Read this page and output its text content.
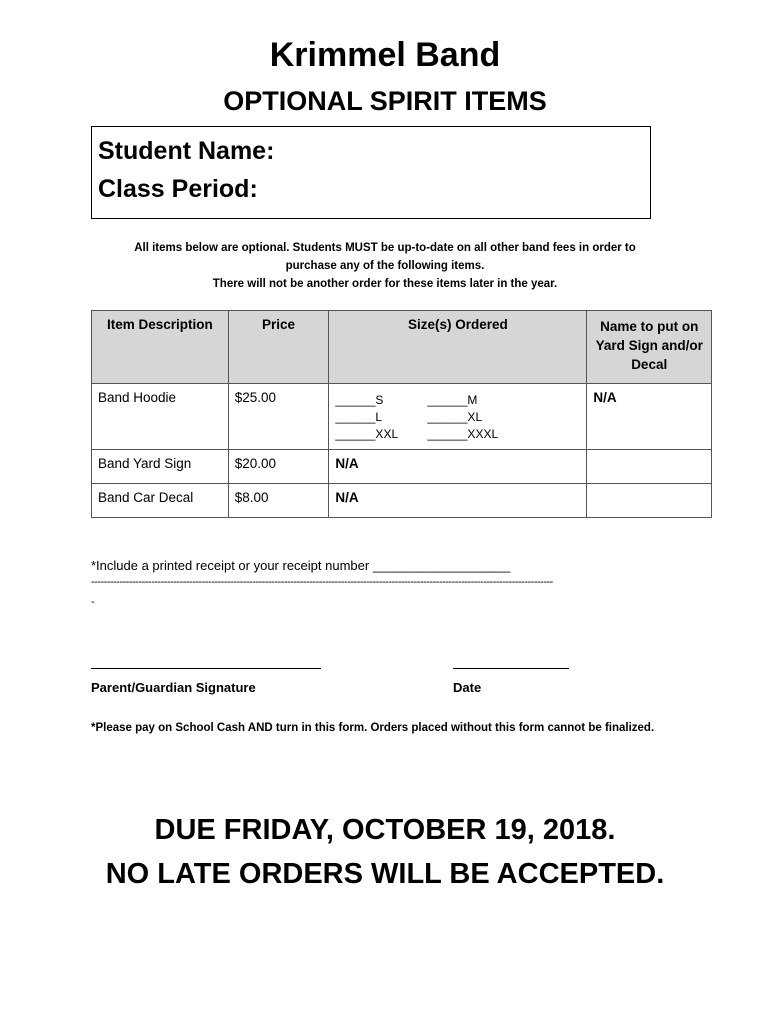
Krimmel Band
OPTIONAL SPIRIT ITEMS
Student Name:
Class Period:
All items below are optional. Students MUST be up-to-date on all other band fees in order to
purchase any of the following items.
There will not be another order for these items later in the year.
Item Description	Price	Size(s) Ordered	Name to put on Yard Sign and/or Decal
Band Hoodie	$25.00	______S ______M
______L ______XL
______XXL ______XXXL	N/A
Band Yard Sign	$20.00	N/A	
Band Car Decal	$8.00	N/A	
*Include a printed receipt or your receipt number ___________________
--------------------------------------------------------------------------------------------------------------------------------------------------
-
Parent/Guardian Signature	Date
*Please pay on School Cash AND turn in this form. Orders placed without this form cannot be finalized.
DUE FRIDAY, OCTOBER 19, 2018.
NO LATE ORDERS WILL BE ACCEPTED.
